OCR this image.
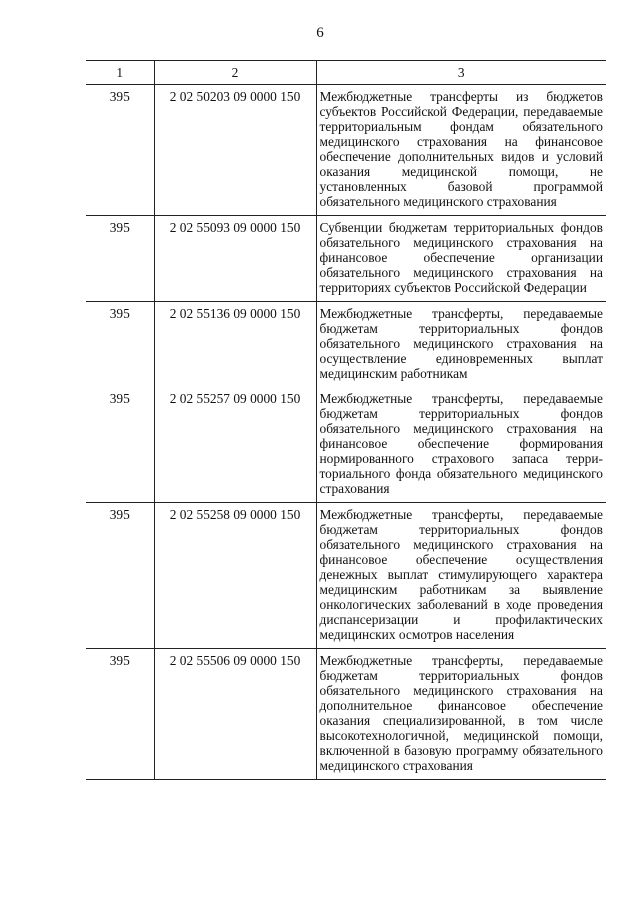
6
1	2	3
395	2 02 50203 09 0000 150	Межбюджетные трансферты из бюджетов субъектов Российской Федерации, передаваемые территориальным фондам обязательного медицинского страхования на финансовое обеспечение дополнительных видов и условий оказания медицинской помощи, не установленных базовой программой обязательного медицинского страхования
395	2 02 55093 09 0000 150	Субвенции бюджетам территориальных фондов обязательного медицинского страхования на финансовое обеспечение организации обязательного медицинского страхования на территориях субъектов Российской Федерации
395	2 02 55136 09 0000 150	Межбюджетные трансферты, передаваемые бюджетам территориальных фондов обязательного медицинского страхования на осуществление единовременных выплат медицинским работникам
395	2 02 55257 09 0000 150	Межбюджетные трансферты, передаваемые бюджетам территориальных фондов обязательного медицинского страхования на финансовое обеспечение формирования нормированного страхового запаса территориального фонда обязательного медицинского страхования
395	2 02 55258 09 0000 150	Межбюджетные трансферты, передаваемые бюджетам территориальных фондов обязательного медицинского страхования на финансовое обеспечение осуществления денежных выплат стимулирующего характера медицинским работникам за выявление онкологических заболеваний в ходе проведения диспансеризации и профилактических медицинских осмотров населения
395	2 02 55506 09 0000 150	Межбюджетные трансферты, передаваемые бюджетам территориальных фондов обязательного медицинского страхования на дополнительное финансовое обеспечение оказания специализированной, в том числе высокотехнологичной, медицинской помощи, включенной в базовую программу обязательного медицинского страхования
